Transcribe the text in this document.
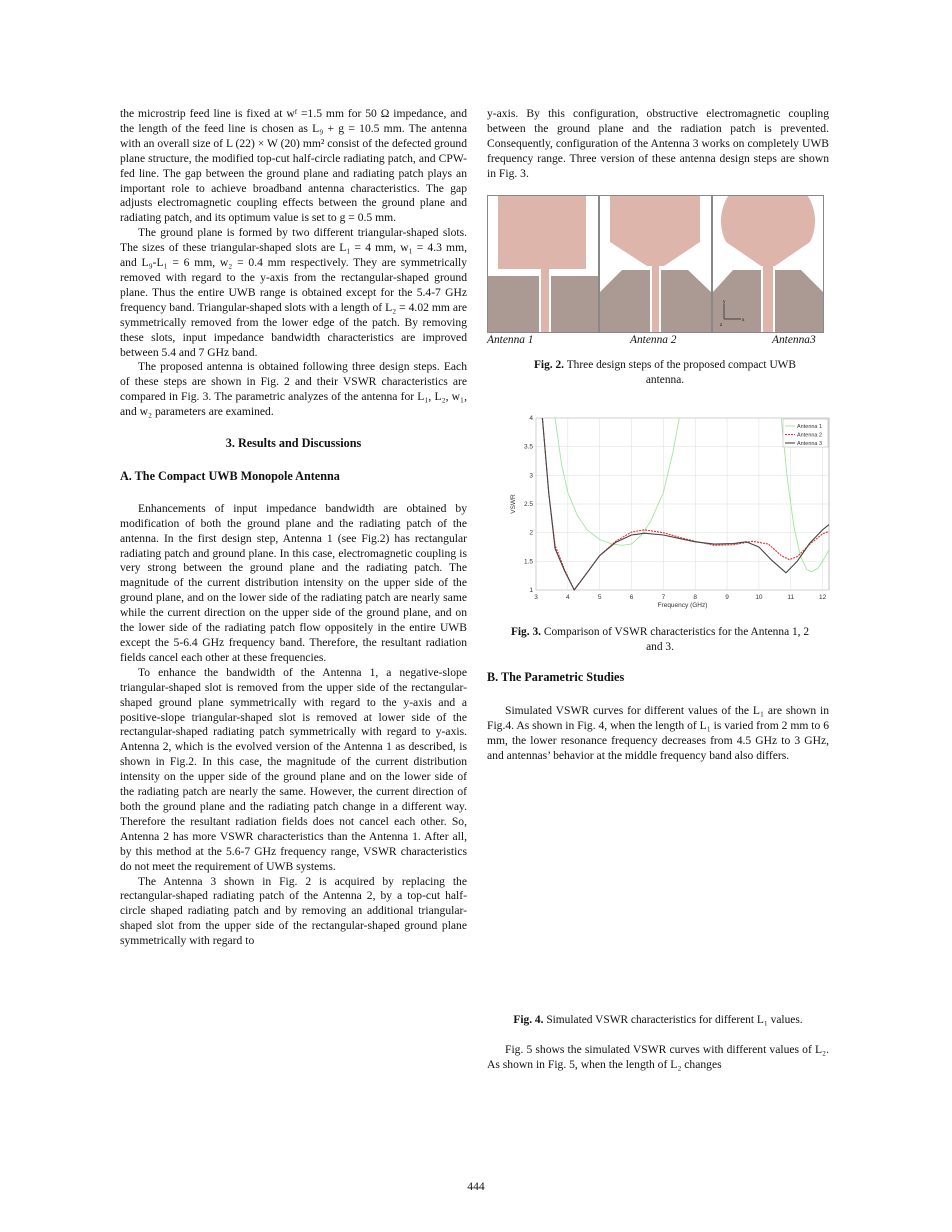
the microstrip feed line is fixed at wᶠ =1.5 mm for 50 Ω impedance, and the length of the feed line is chosen as L₉ + g = 10.5 mm. The antenna with an overall size of L (22) × W (20) mm² consist of the defected ground plane structure, the modified top-cut half-circle radiating patch, and CPW-fed line. The gap between the ground plane and radiating patch plays an important role to achieve broadband antenna characteristics. The gap adjusts electromagnetic coupling effects between the ground plane and radiating patch, and its optimum value is set to g = 0.5 mm.

The ground plane is formed by two different triangular-shaped slots. The sizes of these triangular-shaped slots are L₁ = 4 mm, w₁ = 4.3 mm, and L₉-L₁ = 6 mm, w₂ = 0.4 mm respectively. They are symmetrically removed with regard to the y-axis from the rectangular-shaped ground plane. Thus the entire UWB range is obtained except for the 5.4-7 GHz frequency band. Triangular-shaped slots with a length of L₂ = 4.02 mm are symmetrically removed from the lower edge of the patch. By removing these slots, input impedance bandwidth characteristics are improved between 5.4 and 7 GHz band.

The proposed antenna is obtained following three design steps. Each of these steps are shown in Fig. 2 and their VSWR characteristics are compared in Fig. 3. The parametric analyzes of the antenna for L₁, L₂, w₁, and w₂ parameters are examined.

3. Results and Discussions

A. The Compact UWB Monopole Antenna

Enhancements of input impedance bandwidth are obtained by modification of both the ground plane and the radiating patch of the antenna. In the first design step, Antenna 1 (see Fig.2) has rectangular radiating patch and ground plane. In this case, electromagnetic coupling is very strong between the ground plane and the radiating patch. The magnitude of the current distribution intensity on the upper side of the ground plane, and on the lower side of the radiating patch are nearly same while the current direction on the upper side of the ground plane, and on the lower side of the radiating patch flow oppositely in the entire UWB except the 5-6.4 GHz frequency band. Therefore, the resultant radiation fields cancel each other at these frequencies.

To enhance the bandwidth of the Antenna 1, a negative-slope triangular-shaped slot is removed from the upper side of the rectangular-shaped ground plane symmetrically with regard to the y-axis and a positive-slope triangular-shaped slot is removed at lower side of the rectangular-shaped radiating patch symmetrically with regard to y-axis. Antenna 2, which is the evolved version of the Antenna 1 as described, is shown in Fig.2. In this case, the magnitude of the current distribution intensity on the upper side of the ground plane and on the lower side of the radiating patch are nearly the same. However, the current direction of both the ground plane and the radiating patch change in a different way. Therefore the resultant radiation fields does not cancel each other. So, Antenna 2 has more VSWR characteristics than the Antenna 1. After all, by this method at the 5.6-7 GHz frequency range, VSWR characteristics do not meet the requirement of UWB systems.

The Antenna 3 shown in Fig. 2 is acquired by replacing the rectangular-shaped radiating patch of the Antenna 2, by a top-cut half-circle shaped radiating patch and by removing an additional triangular-shaped slot from the upper side of the rectangular-shaped ground plane symmetrically with regard to

y-axis. By this configuration, obstructive electromagnetic coupling between the ground plane and the radiation patch is prevented. Consequently, configuration of the Antenna 3 works on completely UWB frequency range. Three version of these antenna design steps are shown in Fig. 3.

y
x
z
Antenna 1	Antenna 2	Antenna3
Fig. 2. Three design steps of the proposed compact UWB antenna.
3	4	5	6	7	8	9	10	11	12
1
1.5
2
2.5
3
3.5
4
Frequency (GHz)
VSWR
Antenna 1
Antenna 2
Antenna 3
Fig. 3. Comparison of VSWR characteristics for the Antenna 1, 2 and 3.

B. The Parametric Studies

Simulated VSWR curves for different values of the L₁ are shown in Fig.4. As shown in Fig. 4, when the length of L₁ is varied from 2 mm to 6 mm, the lower resonance frequency decreases from 4.5 GHz to 3 GHz, and antennas’ behavior at the middle frequency band also differs.

Fig. 4. Simulated VSWR characteristics for different L₁ values.

Fig. 5 shows the simulated VSWR curves with different values of L₂. As shown in Fig. 5, when the length of L₂ changes

444
